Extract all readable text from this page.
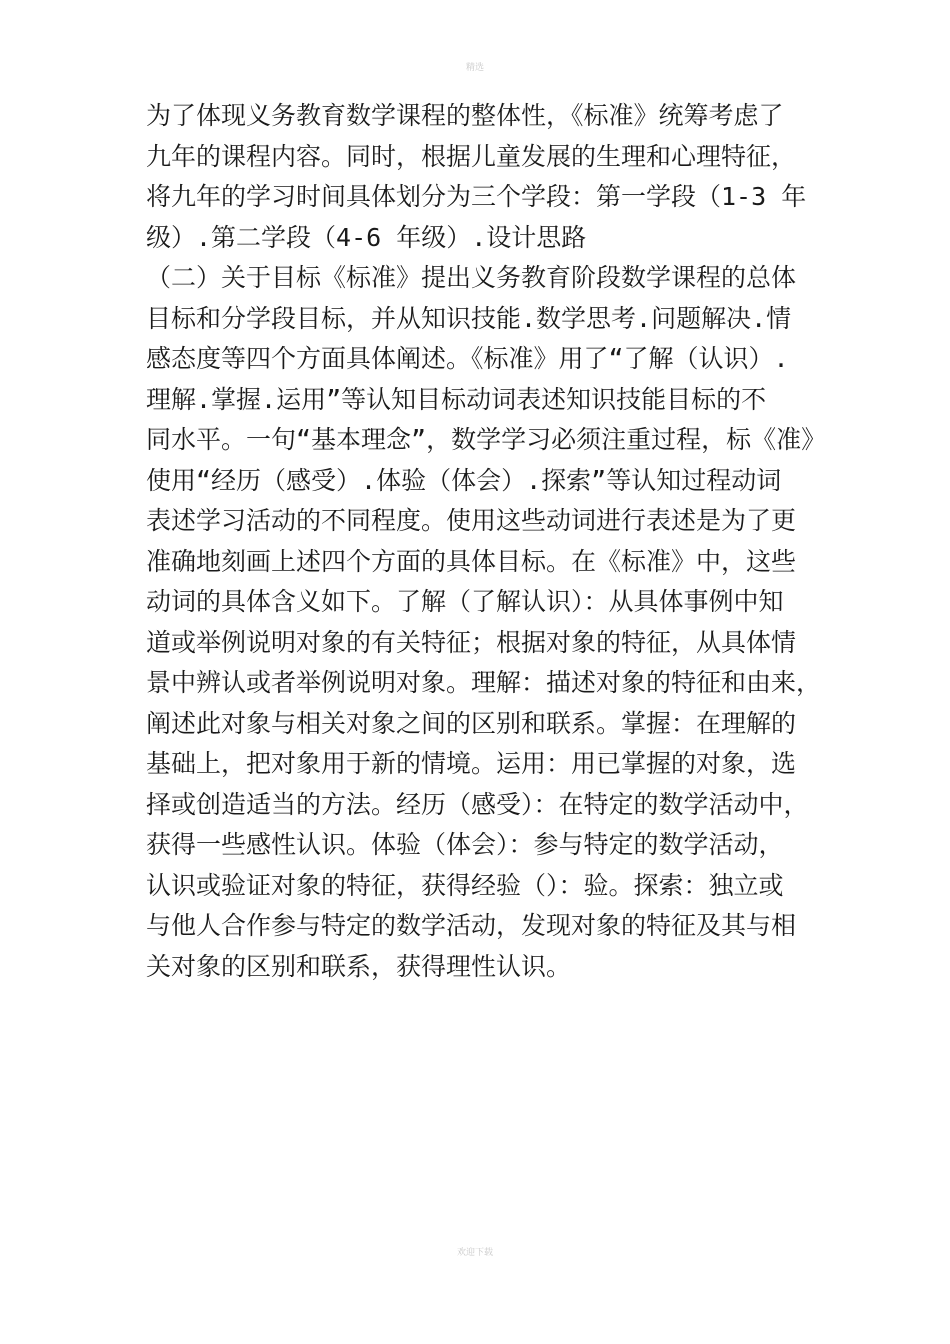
精选
为了体现义务教育数学课程的整体性，《标准》统筹考虑了
九年的课程内容。同时，根据儿童发展的生理和心理特征，
将九年的学习时间具体划分为三个学段：第一学段（1-3 年
级）.第二学段（4-6 年级）.设计思路
（二）关于目标《标准》提出义务教育阶段数学课程的总体
目标和分学段目标，并从知识技能.数学思考.问题解决.情
感态度等四个方面具体阐述。《标准》用了“了解（认识）.
理解.掌握.运用”等认知目标动词表述知识技能目标的不
同水平。一句“基本理念”，数学学习必须注重过程，标《准》
使用“经历（感受）.体验（体会）.探索”等认知过程动词
表述学习活动的不同程度。使用这些动词进行表述是为了更
准确地刻画上述四个方面的具体目标。在《标准》中，这些
动词的具体含义如下。了解（了解认识）：从具体事例中知
道或举例说明对象的有关特征；根据对象的特征，从具体情
景中辨认或者举例说明对象。理解：描述对象的特征和由来，
阐述此对象与相关对象之间的区别和联系。掌握：在理解的
基础上，把对象用于新的情境。运用：用已掌握的对象，选
择或创造适当的方法。经历（感受）：在特定的数学活动中，
获得一些感性认识。体验（体会）：参与特定的数学活动，
认识或验证对象的特征，获得经验（）：验。探索：独立或
与他人合作参与特定的数学活动，发现对象的特征及其与相
关对象的区别和联系，获得理性认识。
欢迎下载
